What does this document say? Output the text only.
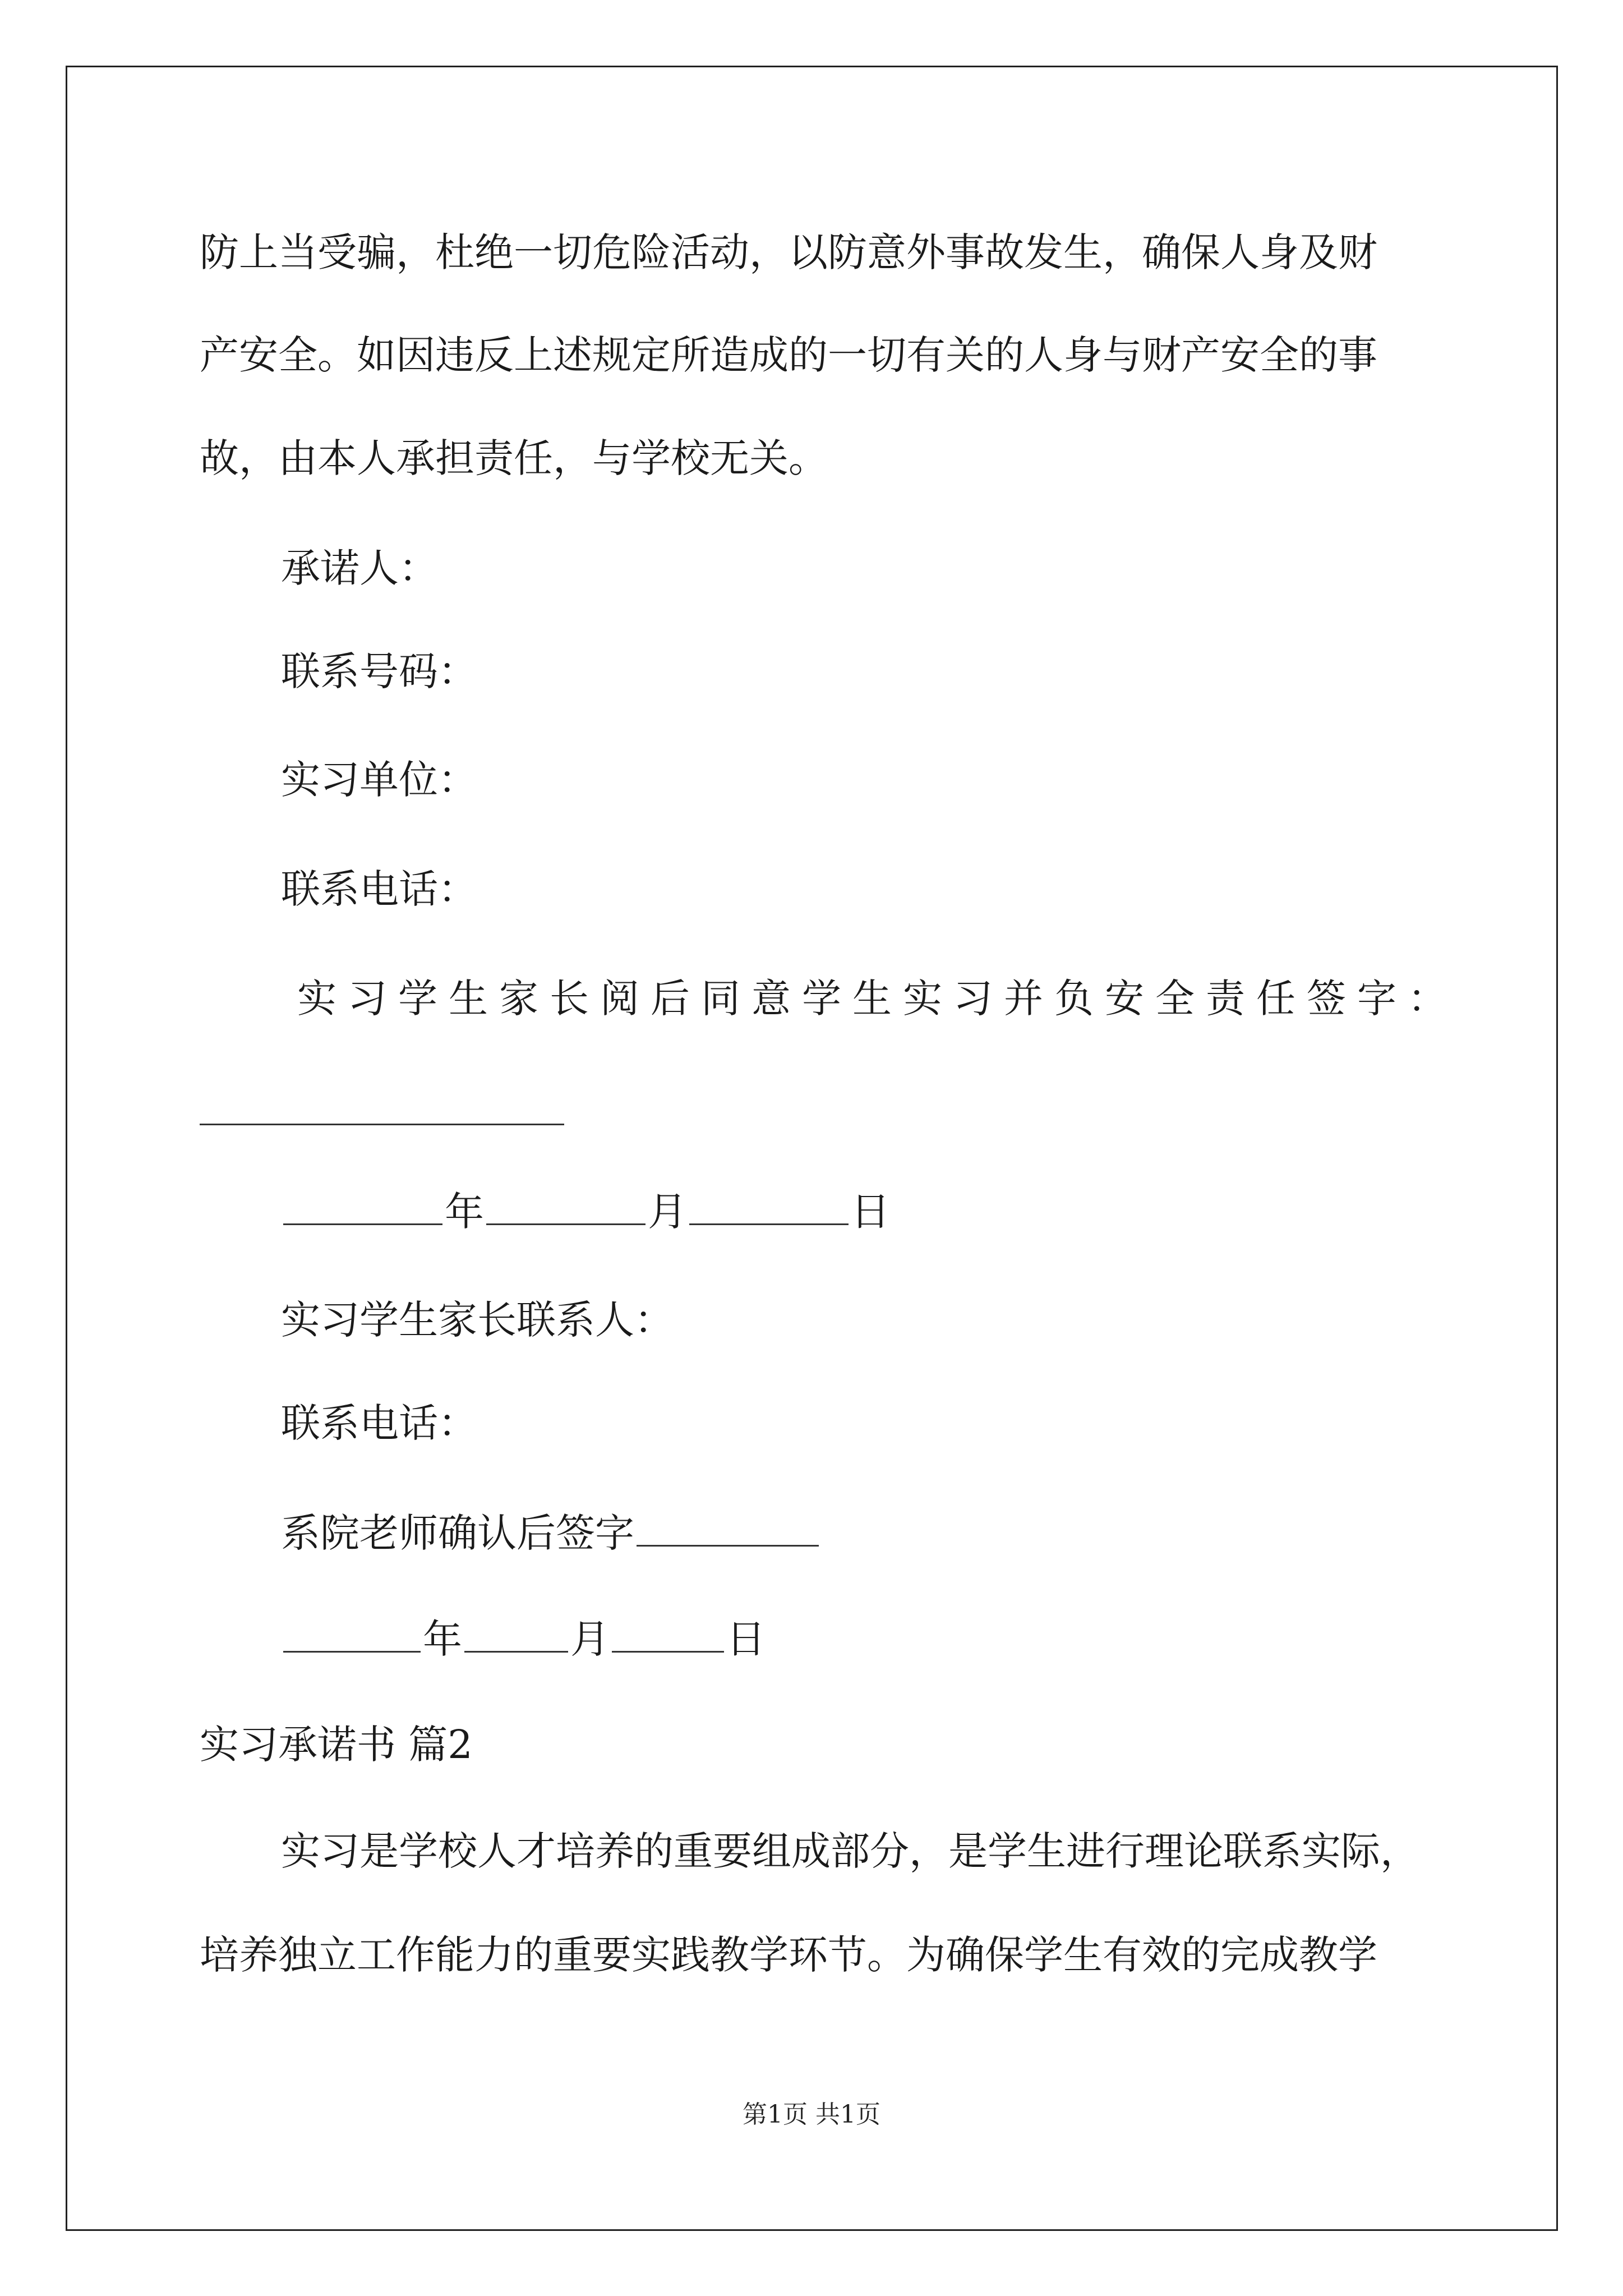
防上当受骗，杜绝一切危险活动，以防意外事故发生，确保人身及财

产安全。如因违反上述规定所造成的一切有关的人身与财产安全的事

故，由本人承担责任，与学校无关。

承诺人：

联系号码：

实习单位：

联系电话：

实 习 学 生 家 长 阅 后 同 意 学 生 实 习 并 负 安 全 责 任 签 字 ：

年	月	日

实习学生家长联系人：

联系电话：

系院老师确认后签字

年	月	日

实习承诺书 篇2

实习是学校人才培养的重要组成部分，是学生进行理论联系实际，

培养独立工作能力的重要实践教学环节。为确保学生有效的完成教学

第1页 共1页
